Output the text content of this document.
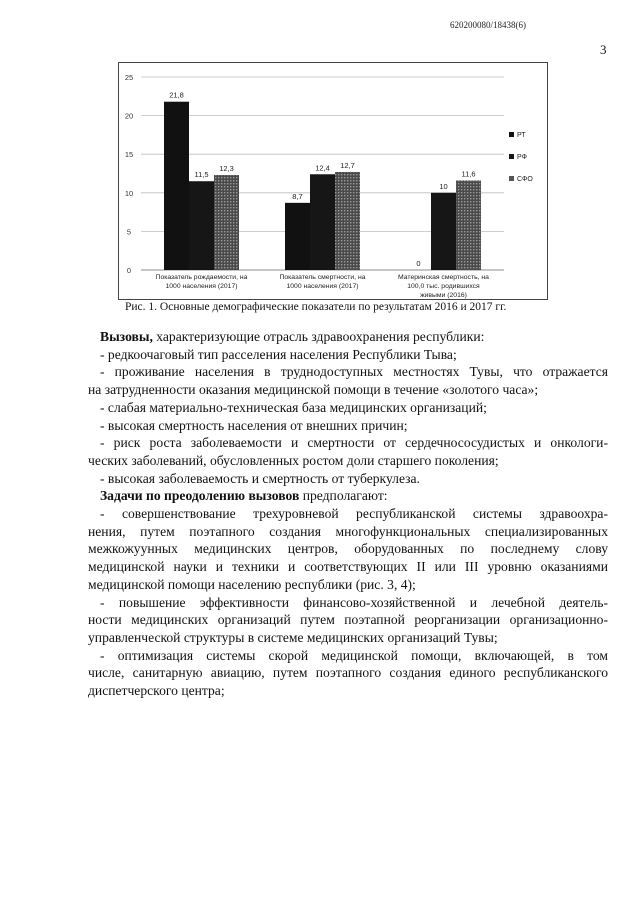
620200080/18438(6)
3
0
5
10
15
20
25
21,8
11,5
12,3
Показатель рождаемости, на
1000 населения (2017)
8,7
12,4 12,7
Показатель смертности, на
1000 населения (2017)
0
10
11,6
Материнская смертность, на
100,0 тыс. родившихся
живыми (2016)
РТ
РФ
СФО
Рис. 1. Основные демографические показатели по результатам 2016 и 2017 гг.

Вызовы, характеризующие отрасль здравоохранения республики:

- редкоочаговый тип расселения населения Республики Тыва;

- проживание населения в труднодоступных местностях Тувы, что отражается

на затрудненности оказания медицинской помощи в течение «золотого часа»;

- слабая материально-техническая база медицинских организаций;

- высокая смертность населения от внешних причин;

- риск роста заболеваемости и смертности от сердечнососудистых и онкологи-

ческих заболеваний, обусловленных ростом доли старшего поколения;

- высокая заболеваемость и смертность от туберкулеза.

Задачи по преодолению вызовов предполагают:

- совершенствование трехуровневой республиканской системы здравоохра-

нения, путем поэтапного создания многофункциональных специализированных

межкожуунных медицинских центров, оборудованных по последнему слову

медицинской науки и техники и соответствующих II или III уровню оказаниями

медицинской помощи населению республики (рис. 3, 4);

- повышение эффективности финансово-хозяйственной и лечебной деятель-

ности медицинских организаций путем поэтапной реорганизации организационно-

управленческой структуры в системе медицинских организаций Тувы;

- оптимизация системы скорой медицинской помощи, включающей, в том

числе, санитарную авиацию, путем поэтапного создания единого республиканского

диспетчерского центра;
